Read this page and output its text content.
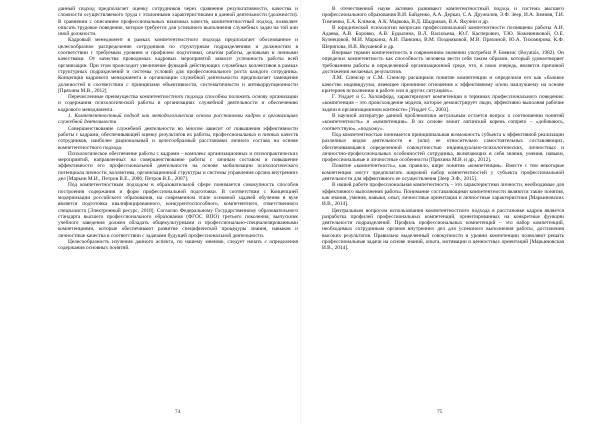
данный подход предполагает оценку сотрудников через сравнение результативности, качества и сложности осуществляемого труда с эталонными характеристиками в данной деятельности (должности). В сравнении с описанием профессиональных взаимных качеств, компетентностный подход, позволяет описать трудовое поведение, которое требуется для успешного выполнения служебных задач на той или иной должности.

Кадровый менеджмент в рамках компетентностного подхода предполагает обоснованное и целесообразное распределение сотрудников по структурным подразделениям и должностям в соответствии с требуемым уровнем и профилем подготовки, опытом работы, деловыми и личными качествами. От качества проводимых кадровых мероприятий зависит успешность работы всей организации. При этом происходит увеличение функций действующих служебных коллективов в рамках структурных подразделений и системы условий для профессионального роста каждого сотрудника. Концепция кадрового менеджмента в организации служебной деятельности предполагает замещение должностей в соответствии с принципами объективности, систематичности и антикоррупционности [Пряхина М.В., 2012]

Перечисленные преимущества компетентностного подхода способны положить основу организации и содержания психологической работы в организациях служебной деятельности и обеспечению кадрового менеджмента.

1. Компетентностный подход как методологическая основа расстановки кадров в организациях служебной деятельности

Совершенствование служебной деятельности во многом зависит от повышения эффективности работы с кадрами, обеспечивающей оценку результатов их работы, профессиональных и личных качеств сотрудников, наиболее рациональный и целесообразный расстановки личного состава на основе компетентностного подхода.

Психологическое обеспечение работы с кадрами – комплекс организационных и психопрактических мероприятий, направленных на совершенствование работы с личным составом и повышение эффективности его профессиональной деятельности на основе мобилизации психологического потенциала личности, коллектива, организационной структуры и системы управления органа внутренних дел [Марьин М.И., Петров В.Е., 2006; Петров В.Е., 2007].

Под компетентностным подходом в образовательной сфере понимается совокупность способов построения содержания и форм профессиональной подготовки. В соответствии с Концепцией модернизации российского образования, на современном этапе основной задачей обучения в вузе является подготовка квалифицированного, конкурентоспособного, компетентного, ответственного специалиста [Электронный ресурс, 2018]. Согласно Федеральному Государственному образовательного стандарта высшего профессионального образования (ФГОС ВПО) третьего поколения, выпускник учебного заведения должен обладать общекультурными и профессионально-специализированными компетенциями, которые обеспечивают развитие специфической процедуры знания, навыков и личностные качества в соответствии с задачами будущей профессиональной деятельности.

Целесообразность изучения данного аспекта, по нашему мнению, следует начать с определения содержания основных понятий.

74

В отечественной науке активно развивают компетентностный подход и система высшего профессионального образования В.И. Байденко, А.А. Деркач, С.А. Дружилов, Э.Ф. Зеер, И.А. Зимняя, Т.И. Тимченко, Е.А. Климов, А.К. Маркова, В.Д. Шадриков, В.А. Якунин и др.

В юридической психологии вопросам профессиональной компетентности посвящены работы А.И. Адаева, А.В. Боровко, А.В. Будылина, В.Л. Васильева, Ю.Г. Касперович, Т.Ю. Кожевниковой, О.Е. Кузнецовой, М.И. Марьина, А.И. Панкина, В.М. Поздняковой, М.В. Пряхиной, Ю.А. Тихомирова, К.Ф. Шерипова, И.В. Якушевой и др.

Впервые термин компетентность в современном значении употребил Р. Боявзис (Boyatzis, 1982). Он определил компетентность как способность человека вести себя таким образом, который удовлетворяет требованиям работы в определенной организационной среде, что, в свою очередь, является причиной достижения желаемых результатов.

Л.М. Спенсер и С.М. Спенсер расширили понятие компетенции и определили его как «базовое качество индивидуума, имеющее причинное отношение к эффективному и/или наилучшему на основе критериев исполнению в работе или в других ситуациях».

Г. Уиддет и С. Холлифорд, характеризуют компетенции в терминах профессионального поведения: «компетенция – это происхождение модели, которое демонстрирует люди, эффективно выполняя рабочие задачи в организационном контексте» [Уиддет С., 2003].

В научной литературе данной проблематики актуальным остается вопрос о соотношении понятий «компетентность» и «компетенция». В их основе лежит латинский корень competo – «добиваюсь, соответствую», «подхожу».

Под компетентностью понимается принципиальная возможность субъекта к эффективной реализации различных видов деятельности и (или) ее относительно самостоятельных составляющих, обеспечивающаяся определенной совокупностью индивидуально-психологических, личностных и личностно-профессиональных особенностей сотрудника, включающих в себя знания, умения, навыки, профессиональные и личностные особенности [Пряхина М.В. и др., 2012].

Понятие «компетентность», как правило, шире понятия «компетенция». Вместе с тем некоторые компетенции могут предполагать широкий набор компетентностей у субъекта профессиональной деятельности для эффективного ее осуществления [Зеер Э.Ф., 2015].

В нашей работе профессиональная компетентность – это характеристики личности, необходимые для эффективного выполнения работы. Понимание составляющими компетентности являются такие понятия, как знания, умения, навыки, опыт, личностные ориентации и личностные характеристики [Марьиновских И.В., 2014].

Центральным вопросом использования компетентностного подхода в расстановке кадров является разработка профилей профессиональных компетенций, ориентированных на конкретные функции деятельности подразделений. Профиль профессиональных компетенций – это набор компетенций, необходимых сотрудникам органов внутренних дел для успешного выполнения работы, достижения высоких результатов. Правильно выделенный совокупности и уровни компетенции позволяют решать профессиональные задачи на основе знаний, опыта, мотивации и ценностных ориентаций [Марьиновская И.В., 2014].

75
